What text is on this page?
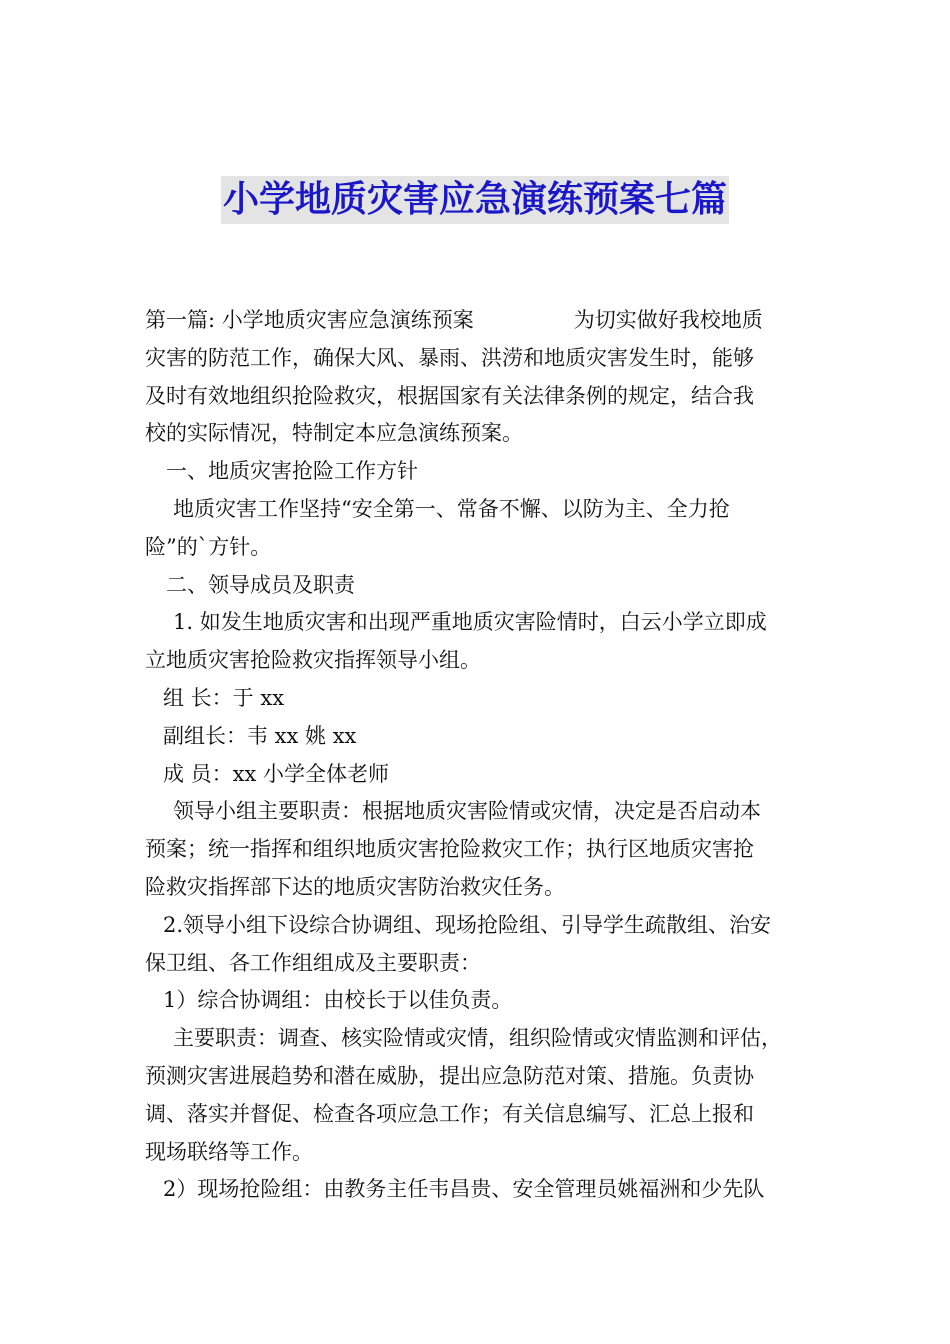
小学地质灾害应急演练预案七篇

第一篇: 小学地质灾害应急演练预案	为切实做好我校地质

灾害的防范工作，确保大风、暴雨、洪涝和地质灾害发生时，能够

及时有效地组织抢险救灾，根据国家有关法律条例的规定，结合我

校的实际情况，特制定本应急演练预案。

一、地质灾害抢险工作方针

地质灾害工作坚持“安全第一、常备不懈、以防为主、全力抢

险”的`方针。

二、领导成员及职责

1. 如发生地质灾害和出现严重地质灾害险情时，白云小学立即成

立地质灾害抢险救灾指挥领导小组。

组 长：于 xx

副组长：韦 xx 姚 xx

成 员：xx 小学全体老师

领导小组主要职责：根据地质灾害险情或灾情，决定是否启动本

预案；统一指挥和组织地质灾害抢险救灾工作；执行区地质灾害抢

险救灾指挥部下达的地质灾害防治救灾任务。

2.领导小组下设综合协调组、现场抢险组、引导学生疏散组、治安

保卫组、各工作组组成及主要职责：

1）综合协调组：由校长于以佳负责。

主要职责：调查、核实险情或灾情，组织险情或灾情监测和评估，

预测灾害进展趋势和潜在威胁，提出应急防范对策、措施。负责协

调、落实并督促、检查各项应急工作；有关信息编写、汇总上报和

现场联络等工作。

2）现场抢险组：由教务主任韦昌贵、安全管理员姚福洲和少先队
